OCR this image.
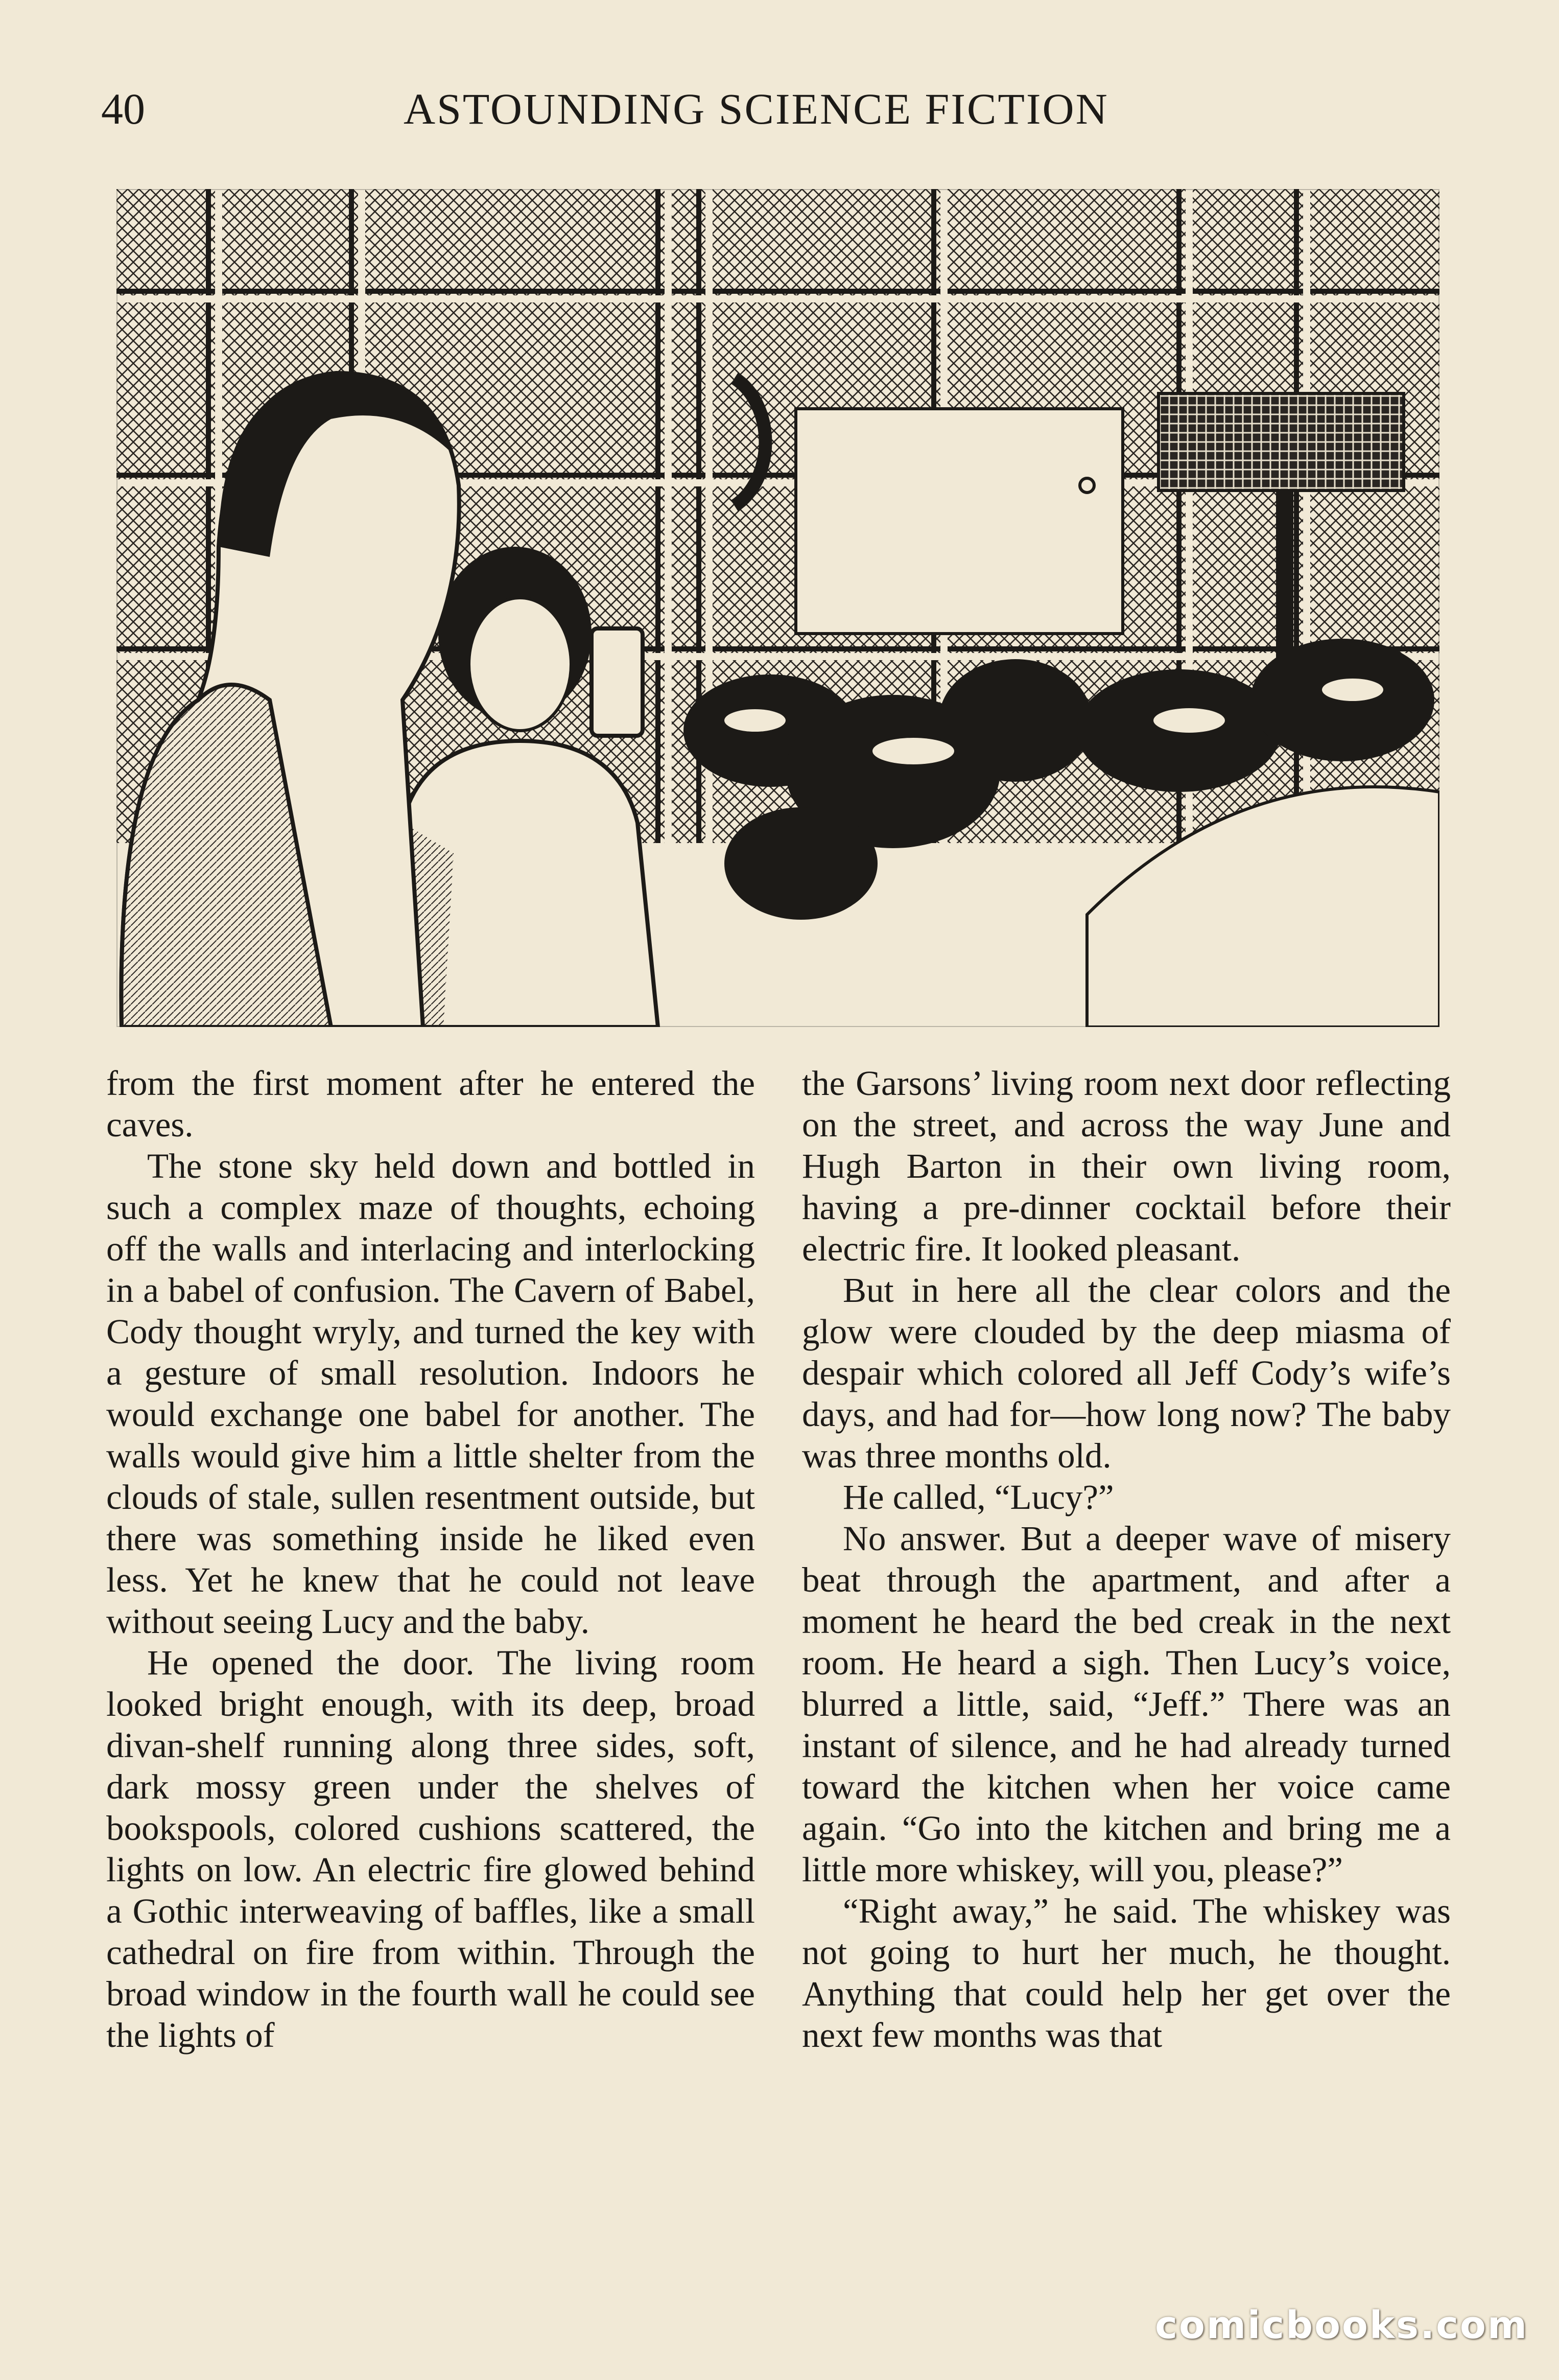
40	ASTOUNDING SCIENCE FICTION

from the first moment after he entered the caves.

The stone sky held down and bottled in such a complex maze of thoughts, echoing off the walls and interlacing and interlocking in a babel of confusion. The Cavern of Babel, Cody thought wryly, and turned the key with a gesture of small resolution. Indoors he would exchange one babel for another. The walls would give him a little shelter from the clouds of stale, sullen resentment outside, but there was something inside he liked even less. Yet he knew that he could not leave without seeing Lucy and the baby.

He opened the door. The living room looked bright enough, with its deep, broad divan-shelf running along three sides, soft, dark mossy green under the shelves of bookspools, colored cushions scattered, the lights on low. An electric fire glowed behind a Gothic interweaving of baffles, like a small cathedral on fire from within. Through the broad window in the fourth wall he could see the lights of

the Garsons’ living room next door reflecting on the street, and across the way June and Hugh Barton in their own living room, having a pre-dinner cocktail before their electric fire. It looked pleasant.

But in here all the clear colors and the glow were clouded by the deep miasma of despair which colored all Jeff Cody’s wife’s days, and had for—how long now? The baby was three months old.

He called, “Lucy?”

No answer. But a deeper wave of misery beat through the apartment, and after a moment he heard the bed creak in the next room. He heard a sigh. Then Lucy’s voice, blurred a little, said, “Jeff.” There was an instant of silence, and he had already turned toward the kitchen when her voice came again. “Go into the kitchen and bring me a little more whiskey, will you, please?”

“Right away,” he said. The whiskey was not going to hurt her much, he thought. Anything that could help her get over the next few months was that

comicbooks.com
